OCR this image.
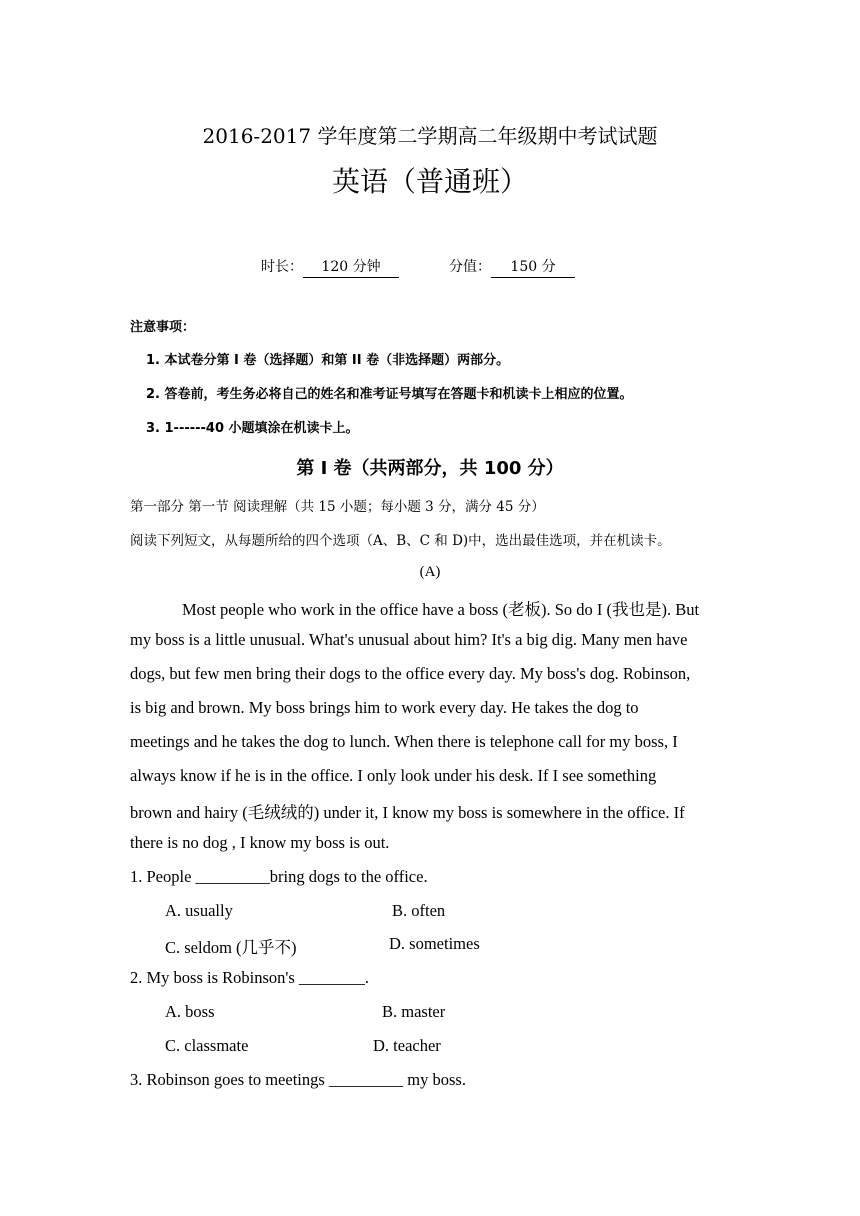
2016-2017 学年度第二学期高二年级期中考试试题
英语（普通班）
时长： 120 分钟	分值： 150 分
注意事项：
1. 本试卷分第 I 卷（选择题）和第 II 卷（非选择题）两部分。
2. 答卷前，考生务必将自己的姓名和准考证号填写在答题卡和机读卡上相应的位置。
3. 1------40 小题填涂在机读卡上。
第 I 卷（共两部分，共 100 分）
第一部分 第一节 阅读理解（共 15 小题；每小题 3 分，满分 45 分）
阅读下列短文，从每题所给的四个选项（A、B、C 和 D)中，选出最佳选项，并在机读卡。
(A)
Most people who work in the office have a boss (老板). So do I (我也是). But
my boss is a little unusual. What's unusual about him? It's a big dig. Many men have
dogs, but few men bring their dogs to the office every day. My boss's dog. Robinson,
is big and brown. My boss brings him to work every day. He takes the dog to
meetings and he takes the dog to lunch. When there is telephone call for my boss, I
always know if he is in the office. I only look under his desk. If I see something
brown and hairy (毛绒绒的) under it, I know my boss is somewhere in the office. If
there is no dog , I know my boss is out.
1. People _________bring dogs to the office.
A. usually	B. often
C. seldom (几乎不)	D. sometimes
2. My boss is Robinson's ________.
A. boss	B. master
C. classmate	D. teacher
3. Robinson goes to meetings _________ my boss.
